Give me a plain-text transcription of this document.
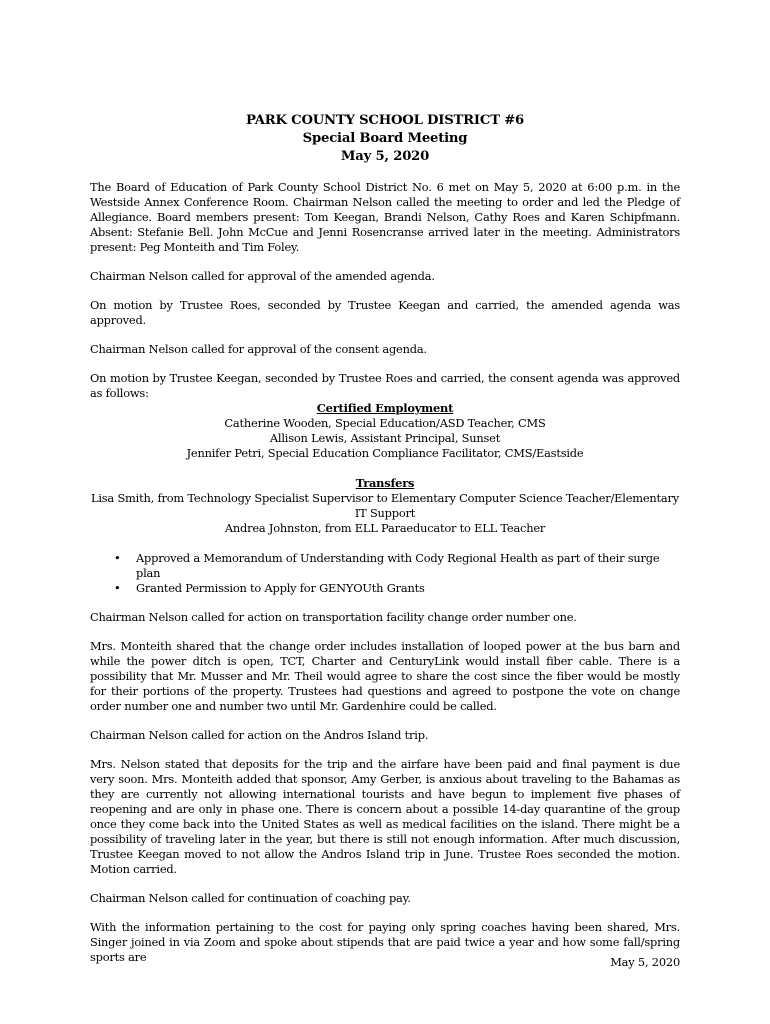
PARK COUNTY SCHOOL DISTRICT #6
Special Board Meeting
May 5, 2020

The Board of Education of Park County School District No. 6 met on May 5, 2020 at 6:00 p.m. in the Westside Annex Conference Room. Chairman Nelson called the meeting to order and led the Pledge of Allegiance. Board members present: Tom Keegan, Brandi Nelson, Cathy Roes and Karen Schipfmann. Absent: Stefanie Bell. John McCue and Jenni Rosencranse arrived later in the meeting. Administrators present: Peg Monteith and Tim Foley.

Chairman Nelson called for approval of the amended agenda.

On motion by Trustee Roes, seconded by Trustee Keegan and carried, the amended agenda was approved.

Chairman Nelson called for approval of the consent agenda.

On motion by Trustee Keegan, seconded by Trustee Roes and carried, the consent agenda was approved as follows:

Certified Employment
Catherine Wooden, Special Education/ASD Teacher, CMS
Allison Lewis, Assistant Principal, Sunset
Jennifer Petri, Special Education Compliance Facilitator, CMS/Eastside
Transfers
Lisa Smith, from Technology Specialist Supervisor to Elementary Computer Science Teacher/Elementary IT Support
Andrea Johnston, from ELL Paraeducator to ELL Teacher
• Approved a Memorandum of Understanding with Cody Regional Health as part of their surge plan
• Granted Permission to Apply for GENYOUth Grants

Chairman Nelson called for action on transportation facility change order number one.

Mrs. Monteith shared that the change order includes installation of looped power at the bus barn and while the power ditch is open, TCT, Charter and CenturyLink would install fiber cable. There is a possibility that Mr. Musser and Mr. Theil would agree to share the cost since the fiber would be mostly for their portions of the property. Trustees had questions and agreed to postpone the vote on change order number one and number two until Mr. Gardenhire could be called.

Chairman Nelson called for action on the Andros Island trip.

Mrs. Nelson stated that deposits for the trip and the airfare have been paid and final payment is due very soon. Mrs. Monteith added that sponsor, Amy Gerber, is anxious about traveling to the Bahamas as they are currently not allowing international tourists and have begun to implement five phases of reopening and are only in phase one. There is concern about a possible 14-day quarantine of the group once they come back into the United States as well as medical facilities on the island. There might be a possibility of traveling later in the year, but there is still not enough information. After much discussion, Trustee Keegan moved to not allow the Andros Island trip in June. Trustee Roes seconded the motion. Motion carried.

Chairman Nelson called for continuation of coaching pay.

With the information pertaining to the cost for paying only spring coaches having been shared, Mrs. Singer joined in via Zoom and spoke about stipends that are paid twice a year and how some fall/spring sports are	May 5, 2020
